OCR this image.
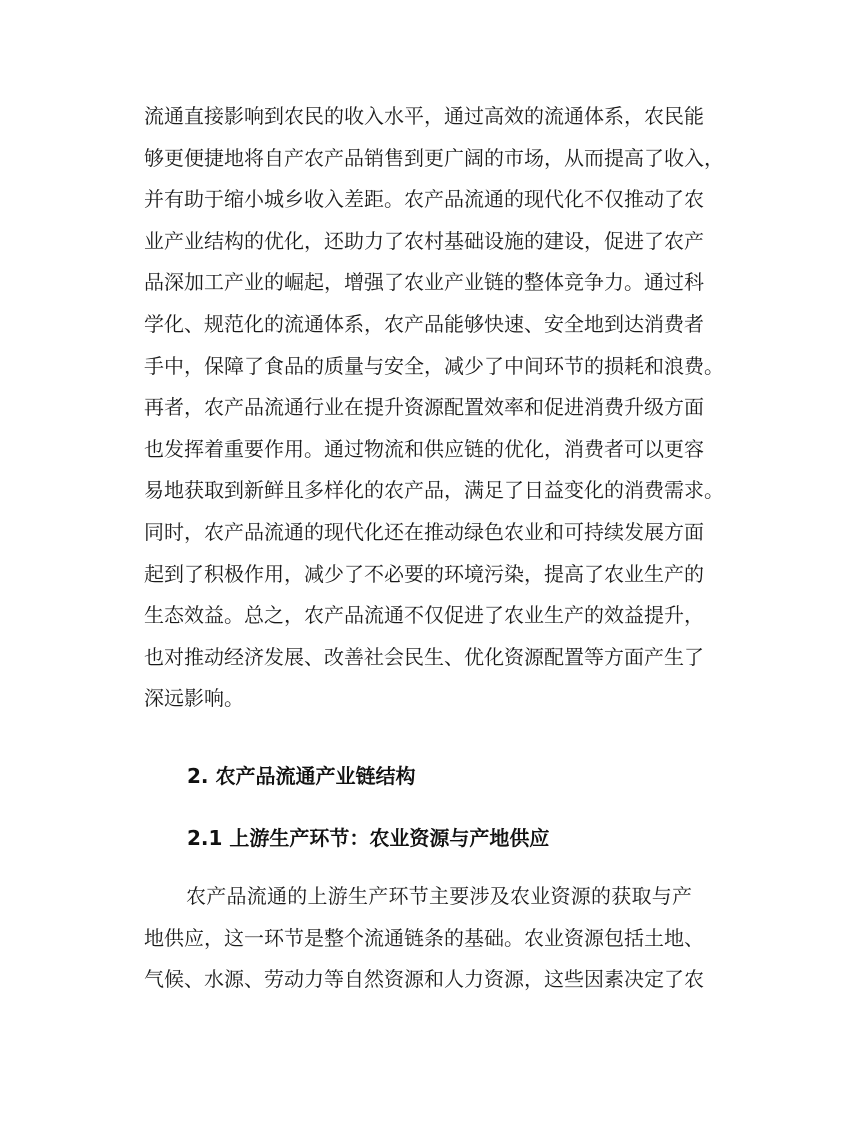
流通直接影响到农民的收入水平，通过高效的流通体系，农民能
够更便捷地将自产农产品销售到更广阔的市场，从而提高了收入，
并有助于缩小城乡收入差距。农产品流通的现代化不仅推动了农
业产业结构的优化，还助力了农村基础设施的建设，促进了农产
品深加工产业的崛起，增强了农业产业链的整体竞争力。通过科
学化、规范化的流通体系，农产品能够快速、安全地到达消费者
手中，保障了食品的质量与安全，减少了中间环节的损耗和浪费。
再者，农产品流通行业在提升资源配置效率和促进消费升级方面
也发挥着重要作用。通过物流和供应链的优化，消费者可以更容
易地获取到新鲜且多样化的农产品，满足了日益变化的消费需求。
同时，农产品流通的现代化还在推动绿色农业和可持续发展方面
起到了积极作用，减少了不必要的环境污染，提高了农业生产的
生态效益。总之，农产品流通不仅促进了农业生产的效益提升，
也对推动经济发展、改善社会民生、优化资源配置等方面产生了
深远影响。
2. 农产品流通产业链结构
2.1 上游生产环节：农业资源与产地供应
农产品流通的上游生产环节主要涉及农业资源的获取与产
地供应，这一环节是整个流通链条的基础。农业资源包括土地、
气候、水源、劳动力等自然资源和人力资源，这些因素决定了农
